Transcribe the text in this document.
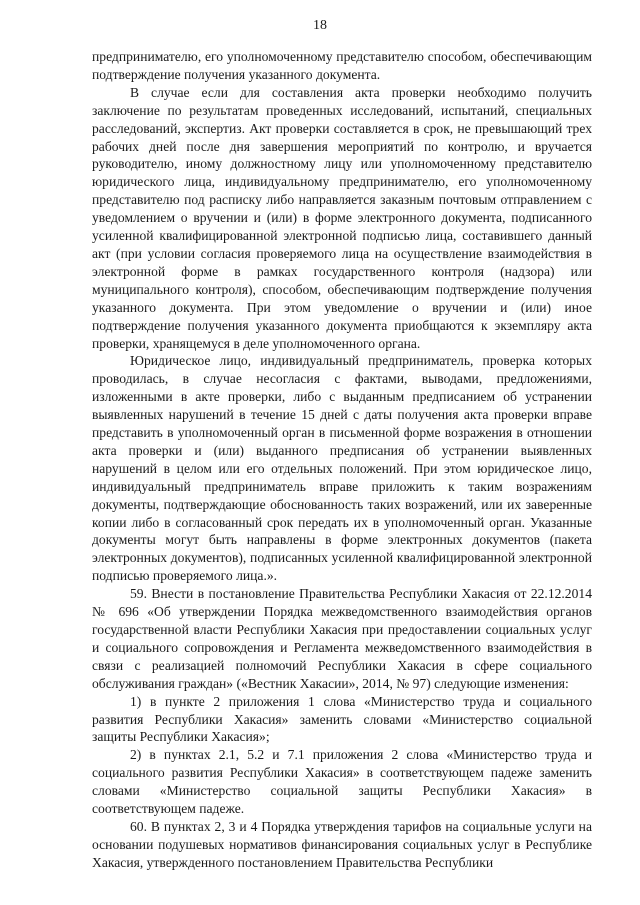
18

предпринимателю, его уполномоченному представителю способом, обеспечивающим подтверждение получения указанного документа.

В случае если для составления акта проверки необходимо получить заключение по результатам проведенных исследований, испытаний, специальных расследований, экспертиз. Акт проверки составляется в срок, не превышающий трех рабочих дней после дня завершения мероприятий по контролю, и вручается руководителю, иному должностному лицу или уполномоченному представителю юридического лица, индивидуальному предпринимателю, его уполномоченному представителю под расписку либо направляется заказным почтовым отправлением с уведомлением о вручении и (или) в форме электронного документа, подписанного усиленной квалифицированной электронной подписью лица, составившего данный акт (при условии согласия проверяемого лица на осуществление взаимодействия в электронной форме в рамках государственного контроля (надзора) или муниципального контроля), способом, обеспечивающим подтверждение получения указанного документа. При этом уведомление о вручении и (или) иное подтверждение получения указанного документа приобщаются к экземпляру акта проверки, хранящемуся в деле уполномоченного органа.

Юридическое лицо, индивидуальный предприниматель, проверка которых проводилась, в случае несогласия с фактами, выводами, предложениями, изложенными в акте проверки, либо с выданным предписанием об устранении выявленных нарушений в течение 15 дней с даты получения акта проверки вправе представить в уполномоченный орган в письменной форме возражения в отношении акта проверки и (или) выданного предписания об устранении выявленных нарушений в целом или его отдельных положений. При этом юридическое лицо, индивидуальный предприниматель вправе приложить к таким возражениям документы, подтверждающие обоснованность таких возражений, или их заверенные копии либо в согласованный срок передать их в уполномоченный орган. Указанные документы могут быть направлены в форме электронных документов (пакета электронных документов), подписанных усиленной квалифицированной электронной подписью проверяемого лица.».

59. Внести в постановление Правительства Республики Хакасия от 22.12.2014 № 696 «Об утверждении Порядка межведомственного взаимодействия органов государственной власти Республики Хакасия при предоставлении социальных услуг и социального сопровождения и Регламента межведомственного взаимодействия в связи с реализацией полномочий Республики Хакасия в сфере социального обслуживания граждан» («Вестник Хакасии», 2014, № 97) следующие изменения:

1) в пункте 2 приложения 1 слова «Министерство труда и социального развития Республики Хакасия» заменить словами «Министерство социальной защиты Республики Хакасия»;

2) в пунктах 2.1, 5.2 и 7.1 приложения 2 слова «Министерство труда и социального развития Республики Хакасия» в соответствующем падеже заменить словами «Министерство социальной защиты Республики Хакасия» в соответствующем падеже.

60. В пунктах 2, 3 и 4 Порядка утверждения тарифов на социальные услуги на основании подушевых нормативов финансирования социальных услуг в Республике Хакасия, утвержденного постановлением Правительства Республики
